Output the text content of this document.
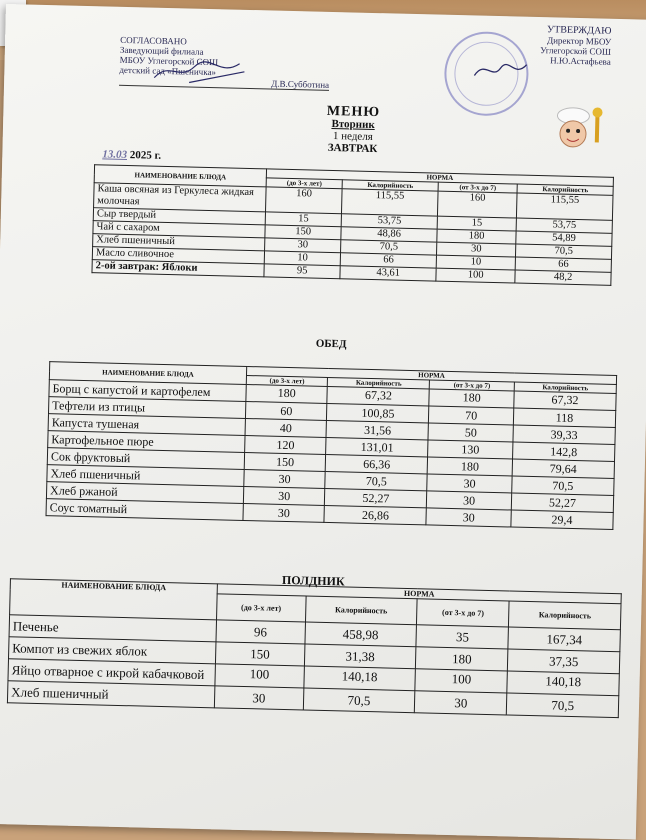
СОГЛАСОВАНО
Заведующий филиала
МБОУ Углегорской СОШ
детский сад «Пшеничка»
Д.В.Субботина
УТВЕРЖДАЮ
Директор МБОУ
Углегорской СОШ
Н.Ю.Астафьева
МЕНЮ
Вторник
1 неделя
ЗАВТРАК
13.03 2025 г.
НАИМЕНОВАНИЕ БЛЮДА	НОРМА			
	(до 3-х лет)	Калорийность	(от 3-х до 7)	Калорийность
Каша овсяная из Геркулеса жидкая молочная	160	115,55	160	115,55
Сыр твердый	15	53,75	15	53,75
Чай с сахаром	150	48,86	180	54,89
Хлеб пшеничный	30	70,5	30	70,5
Масло сливочное	10	66	10	66
2-ой завтрак: Яблоки	95	43,61	100	48,2
ОБЕД
НАИМЕНОВАНИЕ БЛЮДА	НОРМА			
	(до 3-х лет)	Калорийность	(от 3-х до 7)	Калорийность
Борщ с капустой и картофелем	180	67,32	180	67,32
Тефтели из птицы	60	100,85	70	118
Капуста тушеная	40	31,56	50	39,33
Картофельное пюре	120	131,01	130	142,8
Сок фруктовый	150	66,36	180	79,64
Хлеб пшеничный	30	70,5	30	70,5
Хлеб ржаной	30	52,27	30	52,27
Соус томатный	30	26,86	30	29,4
ПОЛДНИК
НАИМЕНОВАНИЕ БЛЮДА	НОРМА			
	(до 3-х лет)	Калорийность	(от 3-х до 7)	Калорийность
Печенье	96	458,98	35	167,34
Компот из свежих яблок	150	31,38	180	37,35
Яйцо отварное с икрой кабачковой	100	140,18	100	140,18
Хлеб пшеничный	30	70,5	30	70,5
